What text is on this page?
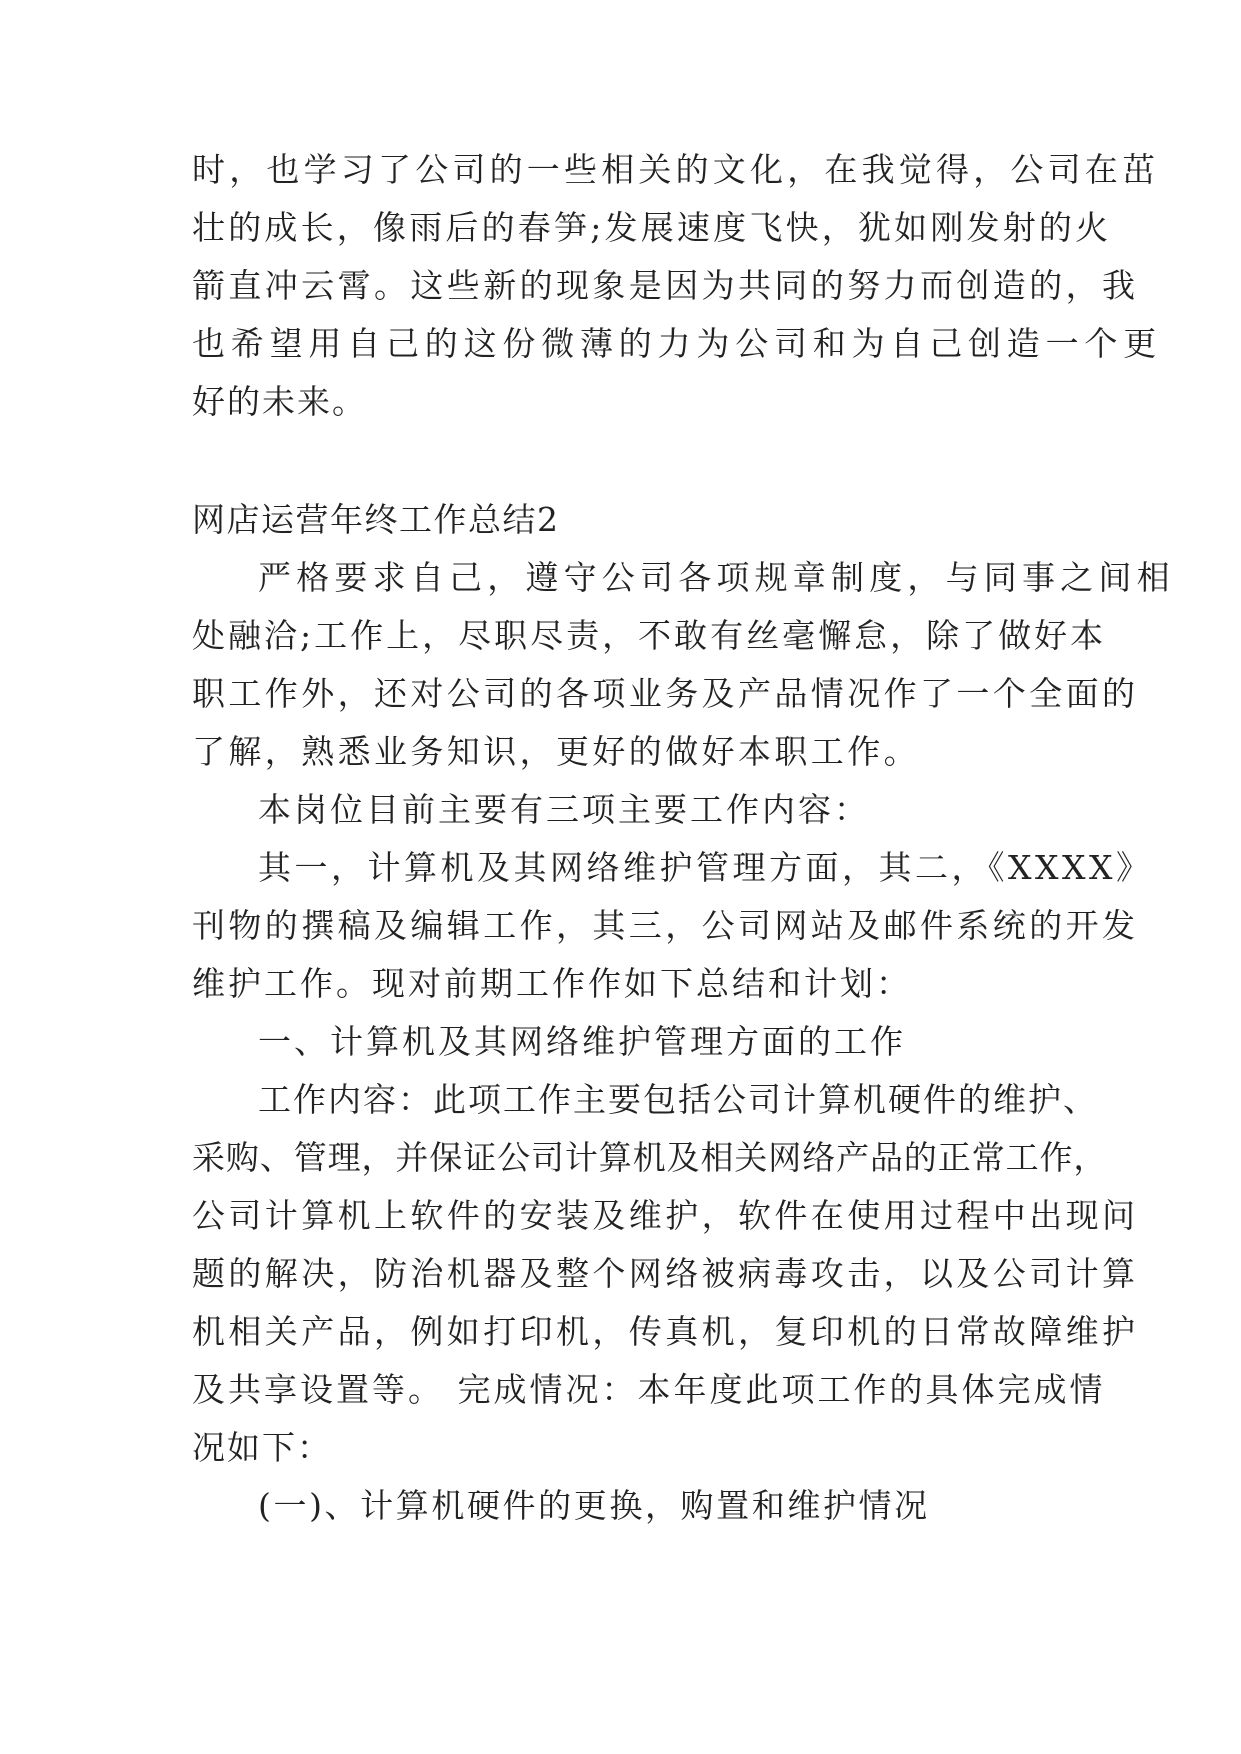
时，也学习了公司的一些相关的文化，在我觉得，公司在茁

壮的成长，像雨后的春笋;发展速度飞快，犹如刚发射的火

箭直冲云霄。这些新的现象是因为共同的努力而创造的，我

也希望用自己的这份微薄的力为公司和为自己创造一个更

好的未来。

网店运营年终工作总结2

严格要求自己，遵守公司各项规章制度，与同事之间相

处融洽;工作上，尽职尽责，不敢有丝毫懈怠，除了做好本

职工作外，还对公司的各项业务及产品情况作了一个全面的

了解，熟悉业务知识，更好的做好本职工作。

本岗位目前主要有三项主要工作内容：

其一，计算机及其网络维护管理方面，其二，《XXXX》

刊物的撰稿及编辑工作，其三，公司网站及邮件系统的开发

维护工作。现对前期工作作如下总结和计划：

一、计算机及其网络维护管理方面的工作

工作内容：此项工作主要包括公司计算机硬件的维护、

采购、管理，并保证公司计算机及相关网络产品的正常工作，

公司计算机上软件的安装及维护，软件在使用过程中出现问

题的解决，防治机器及整个网络被病毒攻击，以及公司计算

机相关产品，例如打印机，传真机，复印机的日常故障维护

及共享设置等。 完成情况：本年度此项工作的具体完成情

况如下：

(一)、计算机硬件的更换，购置和维护情况
